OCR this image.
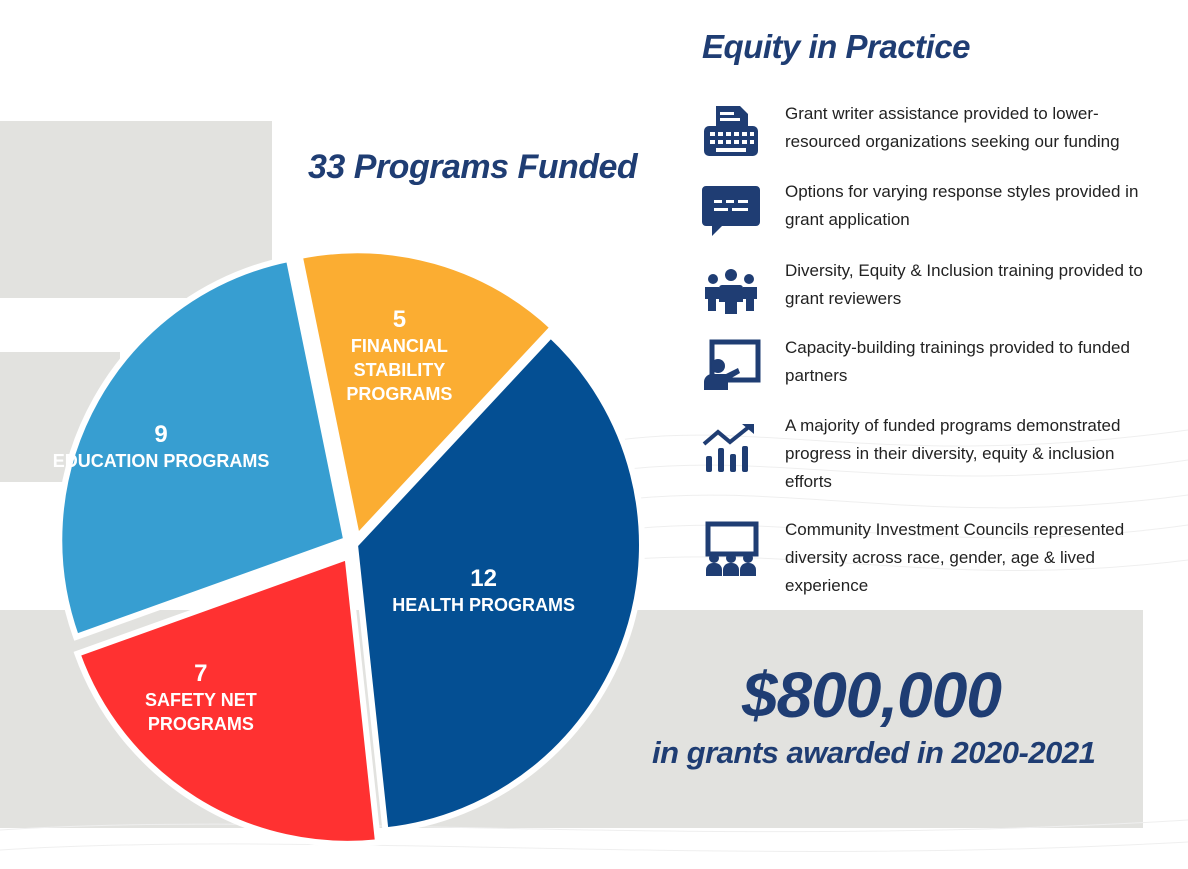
33 Programs Funded
12
HEALTH PROGRAMS
7
SAFETY NET
PROGRAMS
9
EDUCATION PROGRAMS
5
FINANCIAL
STABILITY
PROGRAMS
Equity in Practice
Grant writer assistance provided to lower-resourced organizations seeking our funding
Options for varying response styles provided in grant application
Diversity, Equity & Inclusion training provided to grant reviewers
Capacity-building trainings provided to funded partners
A majority of funded programs demonstrated progress in their diversity, equity & inclusion efforts
Community Investment Councils represented diversity across race, gender, age & lived experience
$800,000
in grants awarded in 2020-2021
